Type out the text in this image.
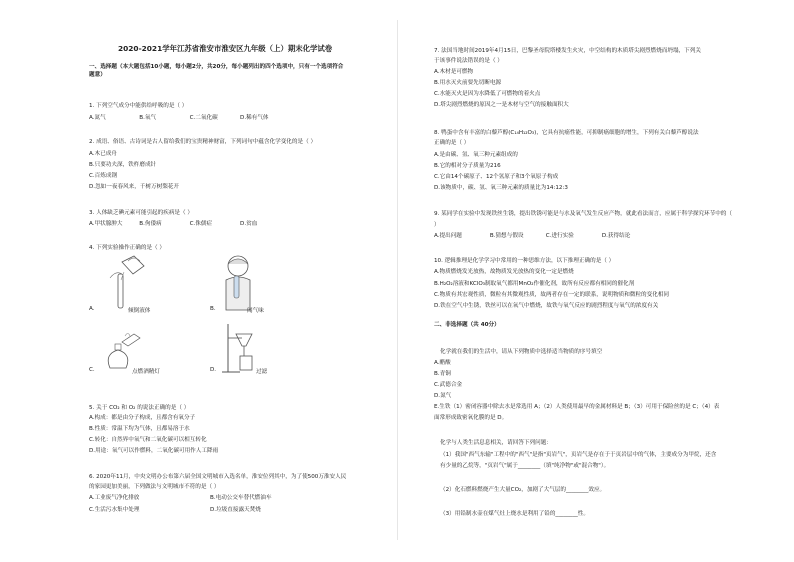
2020-2021学年江苏省淮安市淮安区九年级（上）期末化学试卷
一、选择题（本大题包括10小题，每小题2分，共20分，每小题列出的四个选项中，只有一个选项符合
题意）
1. 下列空气成分中能供给呼吸的是（ ）
A.氮气　　　　　　B.氧气　　　　　　C.二氧化碳　　　　D.稀有气体
2. 成语、俗语、古诗词是古人留给我们的宝贵精神财富，下列词句中蕴含化学变化的是（ ）
A.木已成舟
B.只要功夫深，铁杵磨成针
C.百炼成钢
D.忽如一夜春风来，千树万树梨花开
3. 人体缺乏碘元素可能引起的疾病是（ ）
A.甲状腺肿大　　　B.佝偻病　　　　　C.侏儒症　　　　　D.贫血
4. 下列实验操作正确的是（ ）
A.	倾倒液体	B.	闻气味
C.	点燃酒精灯	D.	过滤
5. 关于 CO₂ 和 O₂ 的说法正确的是（ ）
A.构成：都是由分子构成，且都含有氧分子
B.性质：常温下均为气体，且都易溶于水
C.转化：自然界中氧气和二氧化碳可以相互转化
D.用途：氧气可以作燃料，二氧化碳可用作人工降雨
6. 2020年11月，中央文明办公布第六届全国文明城市入选名单，淮安位列其中，为了使500万淮安人民
的家园更加美丽，下列做法与文明城市不符的是（ ）
A.工业废气净化排放	B.电动公交车替代燃油车
C.生活污水集中处理	D.垃圾直接露天焚烧
7. 法国当地时间2019年4月15日，巴黎圣母院塔楼发生火灾，中空结构的木质塔尖剧烈燃烧而坍塌，下列关
于该事件说法错误的是（ ）
A.木材是可燃物
B.用水灭火前要先切断电源
C.水能灭火是因为水降低了可燃物的着火点
D.塔尖剧烈燃烧的原因之一是木材与空气的接触面积大
8. 鸭蛋中含有丰富的白藜芦醇(C₁₄H₁₂O₃)，它具有抗癌性能，可抑制癌细胞的增生，下列有关白藜芦醇说法
正确的是（ ）
A.是由碳、氢、氧三种元素组成的
B.它的相对分子质量为216
C.它由14个碳原子、12个氢原子和3个氧原子构成
D.该物质中，碳、氢、氧三种元素的质量比为14:12:3
9. 某同学在实验中发现铁丝生锈，提出铁锈可能是与水及氧气发生反应产物，就此看法而言，应属于科学探究环节中的（
）
A.提出问题　　　　　B.猜想与假设　　　　C.进行实验　　　　　D.获得结论
10. 逻辑推理是化学学习中常用的一种思维方法，以下推理正确的是（ ）
A.物质燃烧发光放热，故物质发光放热的变化一定是燃烧
B.H₂O₂溶液和KClO₃制取氧气都用MnO₂作催化剂，故所有反应都有相同的催化剂
C.物质有其宏观性质，微粒有其微观性质，故两者存在一定的联系，说明物质和微粒的变化相同
D.铁在空气中生锈，铁丝可以在氧气中燃烧，故铁与氧气反应的剧烈程度与氧气的浓度有关
二、非选择题（共 40分）
化学就在我们的生活中，请从下列物质中选择适当物质的序号填空
A.醋酸
B.青铜
C.武德合金
D.氮气
E.生铁（1）密闭容器中除去水是常选用 A；（2）人类使用最早的金属材料是 B；（3）可用于保险丝的是 C；（4）表
面常形成致密氧化膜的是 D。
化学与人类生活息息相关，请回答下列问题：
（1）我国"西气东输"工程中的"西气"是指"页岩气"，页岩气是存在于于页岩层中的气体，主要成分为甲烷，还含
有少量的乙烷等，"页岩气"属于________（填"纯净物"或"混合物"）。
（2）化石燃料燃烧产生大量CO₂，加剧了大气层的________效应。
（3）用铅制水壶在煤气灶上烧水是利用了铅的________性。
